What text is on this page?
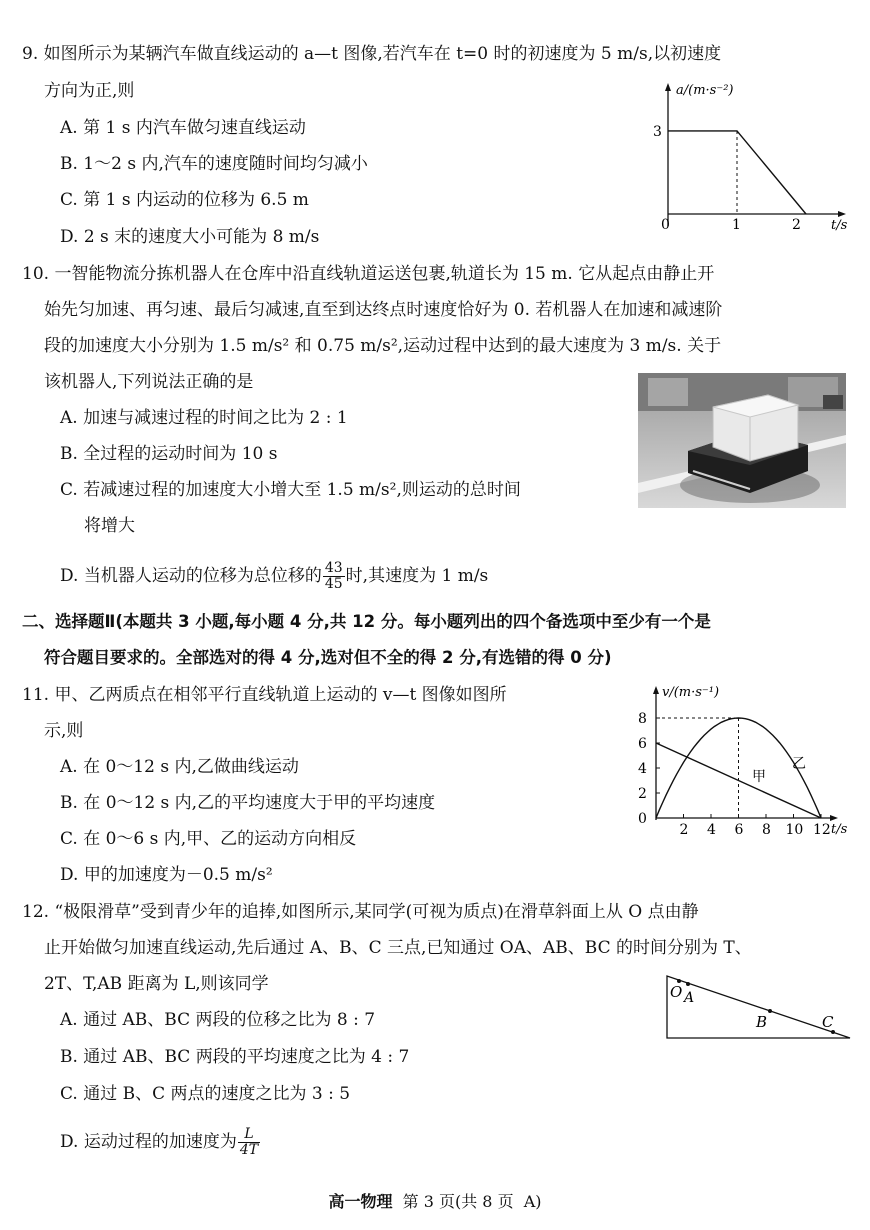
9. 如图所示为某辆汽车做直线运动的 a—t 图像,若汽车在 t=0 时的初速度为 5 m/s,以初速度
方向为正,则
A. 第 1 s 内汽车做匀速直线运动
B. 1～2 s 内,汽车的速度随时间均匀减小
C. 第 1 s 内运动的位移为 6.5 m
D. 2 s 末的速度大小可能为 8 m/s
a/(m·s⁻²)
3
0	1	2 t/s
10. 一智能物流分拣机器人在仓库中沿直线轨道运送包裹,轨道长为 15 m. 它从起点由静止开
始先匀加速、再匀速、最后匀减速,直至到达终点时速度恰好为 0. 若机器人在加速和减速阶
段的加速度大小分别为 1.5 m/s² 和 0.75 m/s²,运动过程中达到的最大速度为 3 m/s. 关于
该机器人,下列说法正确的是
A. 加速与减速过程的时间之比为 2 : 1
B. 全过程的运动时间为 10 s
C. 若减速过程的加速度大小增大至 1.5 m/s²,则运动的总时间
将增大
D. 当机器人运动的位移为总位移的 $\frac{43}{45}$ 时,其速度为 1 m/s
二、选择题Ⅱ(本题共 3 小题,每小题 4 分,共 12 分。每小题列出的四个备选项中至少有一个是
符合题目要求的。全部选对的得 4 分,选对但不全的得 2 分,有选错的得 0 分)
11. 甲、乙两质点在相邻平行直线轨道上运动的 v—t 图像如图所
示,则
A. 在 0～12 s 内,乙做曲线运动
B. 在 0～12 s 内,乙的平均速度大于甲的平均速度
C. 在 0～6 s 内,甲、乙的运动方向相反
D. 甲的加速度为－0.5 m/s²
0
2
4
6
8
2 4 6 8 10 12
v/(m·s⁻¹)
t/s
甲
乙
12. “极限滑草”受到青少年的追捧,如图所示,某同学(可视为质点)在滑草斜面上从 O 点由静
止开始做匀加速直线运动,先后通过 A、B、C 三点,已知通过 OA、AB、BC 的时间分别为 T、
2T、T,AB 距离为 L,则该同学
A. 通过 AB、BC 两段的位移之比为 8 : 7
B. 通过 AB、BC 两段的平均速度之比为 4 : 7
C. 通过 B、C 两点的速度之比为 3 : 5
D. 运动过程的加速度为 $\frac{L}{4T}$
O A
B	C
高一物理 第 3 页(共 8 页 A)
